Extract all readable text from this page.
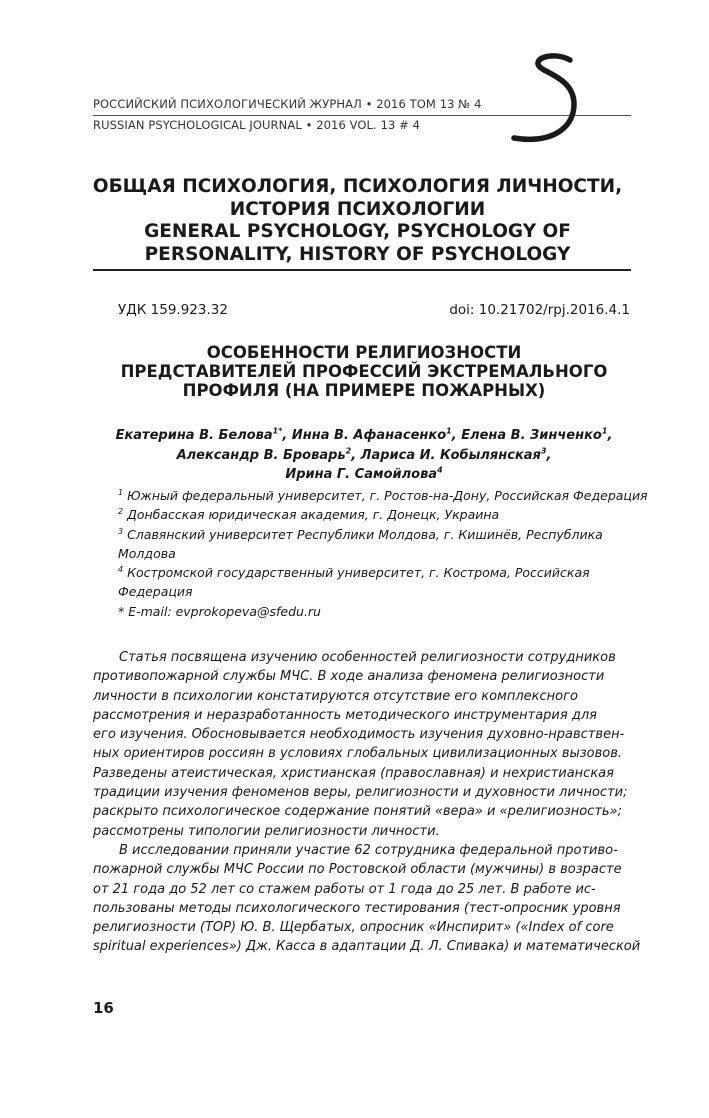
РОССИЙСКИЙ ПСИХОЛОГИЧЕСКИЙ ЖУРНАЛ • 2016 ТОМ 13 № 4
RUSSIAN PSYCHOLOGICAL JOURNAL • 2016 VOL. 13 # 4
ОБЩАЯ ПСИХОЛОГИЯ, ПСИХОЛОГИЯ ЛИЧНОСТИ,
ИСТОРИЯ ПСИХОЛОГИИ
GENERAL PSYCHOLOGY, PSYCHOLOGY OF
PERSONALITY, HISTORY OF PSYCHOLOGY
УДК 159.923.32	doi: 10.21702/rpj.2016.4.1
ОСОБЕННОСТИ РЕЛИГИОЗНОСТИ
ПРЕДСТАВИТЕЛЕЙ ПРОФЕССИЙ ЭКСТРЕМАЛЬНОГО
ПРОФИЛЯ (НА ПРИМЕРЕ ПОЖАРНЫХ)
Екатерина В. Белова$^{1*}$, Инна В. Афанасенко$^1$, Елена В. Зинченко$^1$,
Александр В. Броварь$^2$, Лариса И. Кобылянская$^3$,
Ирина Г. Самойлова$^4$
$^1$ Южный федеральный университет, г. Ростов-на-Дону, Российская Федерация
$^2$ Донбасская юридическая академия, г. Донецк, Украина
$^3$ Славянский университет Республики Молдова, г. Кишинёв, Республика
Молдова
$^4$ Костромской государственный университет, г. Кострома, Российская
Федерация
* E-mail: evprokopeva@sfedu.ru
Статья посвящена изучению особенностей религиозности сотрудников
противопожарной службы МЧС. В ходе анализа феномена религиозности
личности в психологии констатируются отсутствие его комплексного
рассмотрения и неразработанность методического инструментария для
его изучения. Обосновывается необходимость изучения духовно-нравствен-
ных ориентиров россиян в условиях глобальных цивилизационных вызовов.
Разведены атеистическая, христианская (православная) и нехристианская
традиции изучения феноменов веры, религиозности и духовности личности;
раскрыто психологическое содержание понятий «вера» и «религиозность»;
рассмотрены типологии религиозности личности.
В исследовании приняли участие 62 сотрудника федеральной противо-
пожарной службы МЧС России по Ростовской области (мужчины) в возрасте
от 21 года до 52 лет со стажем работы от 1 года до 25 лет. В работе ис-
пользованы методы психологического тестирования (тест-опросник уровня
религиозности (ТОР) Ю. В. Щербатых, опросник «Инспирит» («Index of core
spiritual experiences») Дж. Касса в адаптации Д. Л. Спивака) и математической
16
